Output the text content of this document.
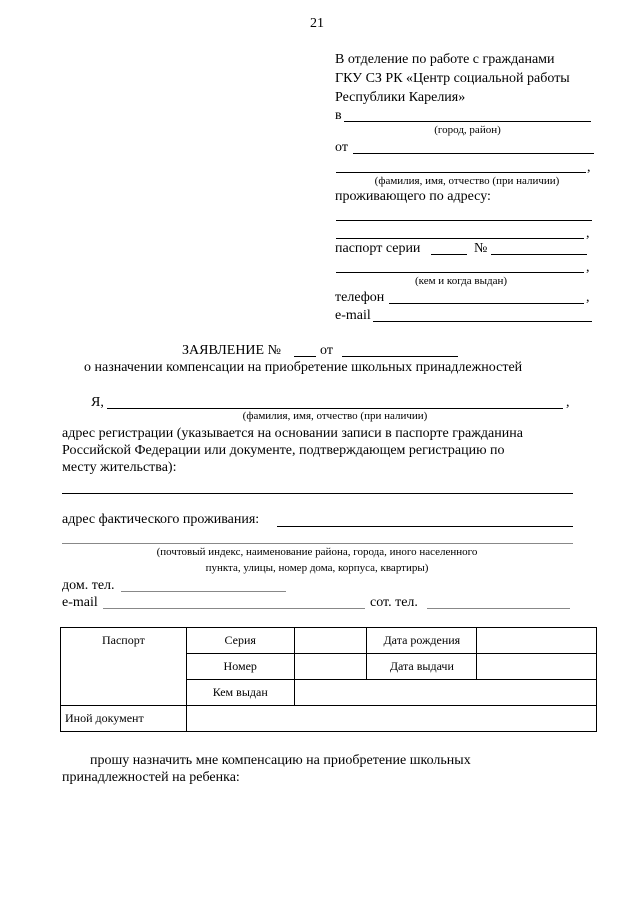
21
В отделение по работе с гражданами
ГКУ СЗ РК «Центр социальной работы
Республики Карелия»
в
(город, район)
от
,
(фамилия, имя, отчество (при наличии)
проживающего по адресу:
,
паспорт серии	№
,
(кем и когда выдан)
телефон	,
e-mail
ЗАЯВЛЕНИЕ №	от
о назначении компенсации на приобретение школьных принадлежностей
Я,	,
(фамилия, имя, отчество (при наличии)
адрес регистрации (указывается на основании записи в паспорте гражданина
Российской Федерации или документе, подтверждающем регистрацию по
месту жительства):
адрес фактического проживания:
(почтовый индекс, наименование района, города, иного населенного
пункта, улицы, номер дома, корпуса, квартиры)
дом. тел.
e-mail	сот. тел.
Паспорт	Серия		Дата рождения	
	Номер		Дата выдачи	
	Кем выдан			
Иной документ				
прошу назначить мне компенсацию на приобретение школьных
принадлежностей на ребенка:
